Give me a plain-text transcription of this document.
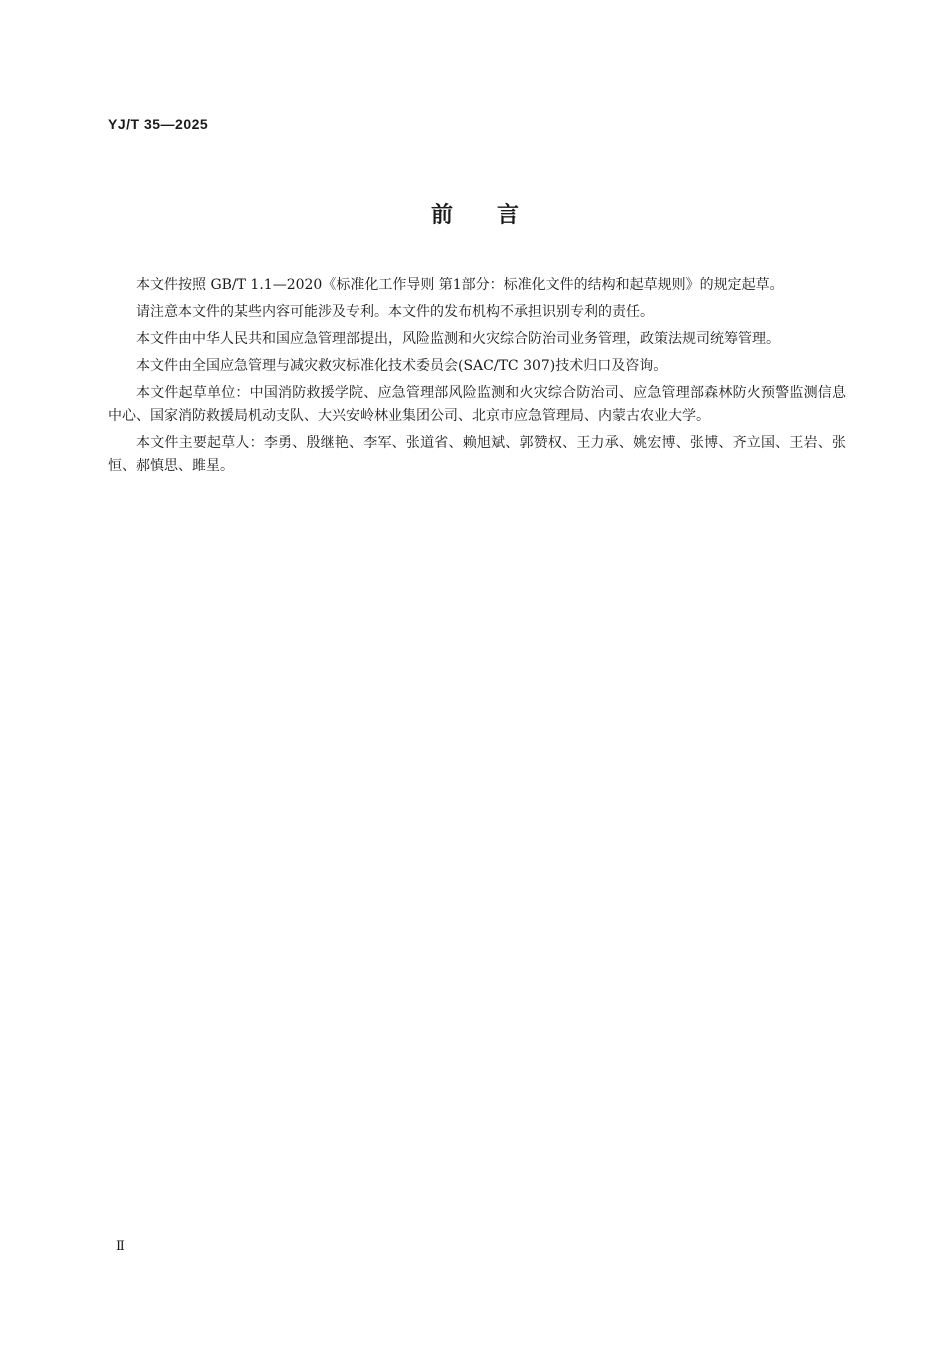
YJ/T 35—2025
前言

本文件按照 GB/T 1.1—2020《标准化工作导则 第1部分：标准化文件的结构和起草规则》的规定起草。

请注意本文件的某些内容可能涉及专利。本文件的发布机构不承担识别专利的责任。

本文件由中华人民共和国应急管理部提出，风险监测和火灾综合防治司业务管理，政策法规司统筹管理。

本文件由全国应急管理与减灾救灾标准化技术委员会(SAC/TC 307)技术归口及咨询。

本文件起草单位：中国消防救援学院、应急管理部风险监测和火灾综合防治司、应急管理部森林防火预警监测信息中心、国家消防救援局机动支队、大兴安岭林业集团公司、北京市应急管理局、内蒙古农业大学。

本文件主要起草人：李勇、殷继艳、李军、张道省、赖旭斌、郭赞权、王力承、姚宏博、张博、齐立国、王岩、张恒、郝慎思、雎星。

Ⅱ
